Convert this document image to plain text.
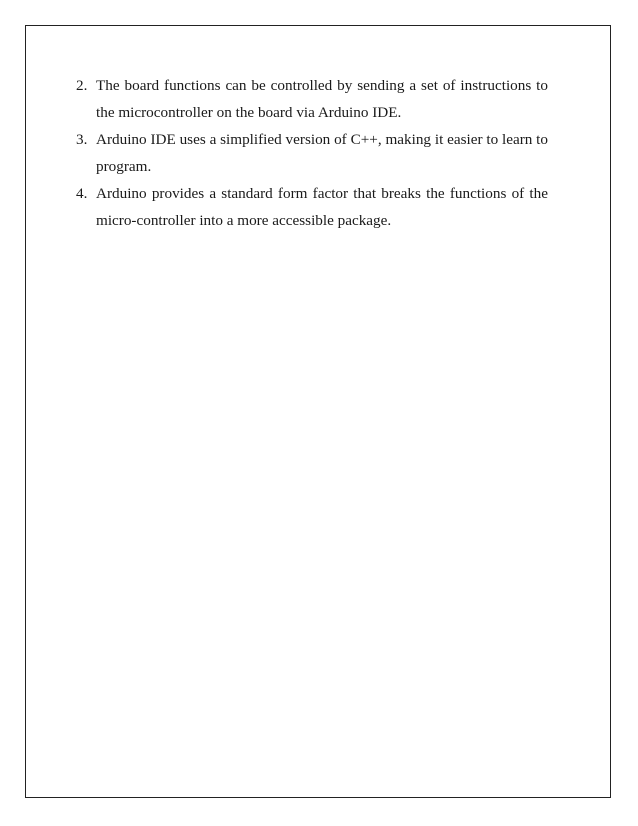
2. The board functions can be controlled by sending a set of instructions to the microcontroller on the board via Arduino IDE.
3. Arduino IDE uses a simplified version of C++, making it easier to learn to program.
4. Arduino provides a standard form factor that breaks the functions of the micro-controller into a more accessible package.
